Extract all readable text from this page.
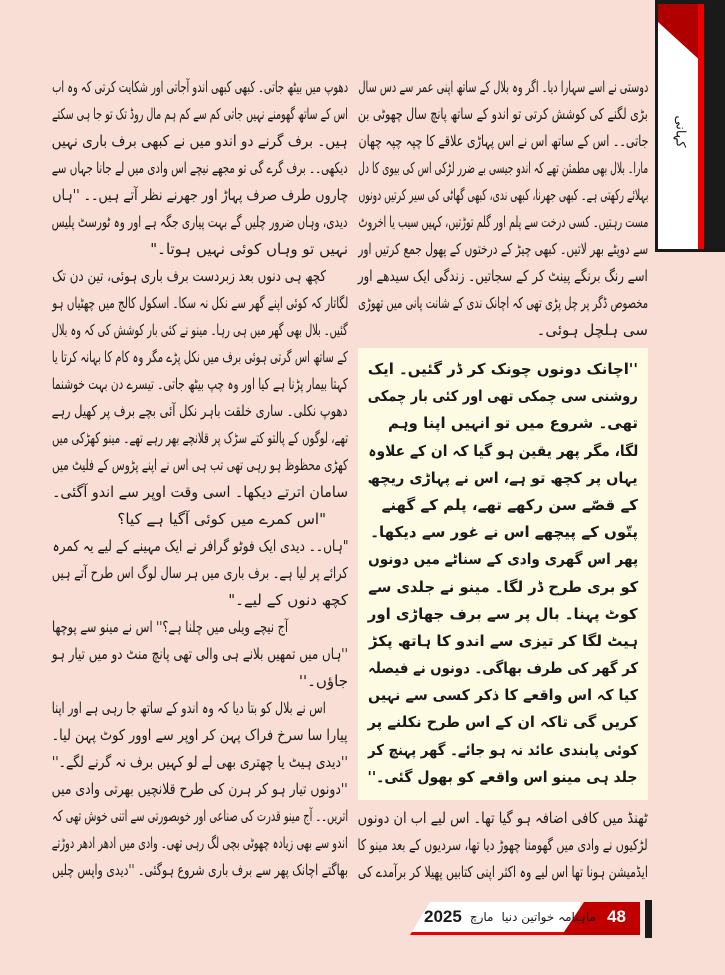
کہانی
دھوپ میں بیٹھ جاتی۔ کبھی کبھی اندو آجاتی اور شکایت کرتی کہ وہ اب
اس کے ساتھ گھومنے نہیں جاتی کم سے کم ہم مال روڈ تک تو جا ہی سکتے
ہیں۔ برف گرنے دو اندو میں نے کبھی برف باری نہیں
دیکھی۔۔ برف گرے گی تو مجھے نیچے اس وادی میں لے جانا جہاں سے
چاروں طرف صرف پہاڑ اور جھرنے نظر آتے ہیں۔۔ ''ہاں
دیدی، وہاں ضرور چلیں گے بہت پیاری جگہ ہے اور وہ ٹورسٹ پلیس
نہیں تو وہاں کوئی نہیں ہوتا۔"
کچھ ہی دنوں بعد زبردست برف باری ہوئی، تین دن تک
لگاتار کہ کوئی اپنے گھر سے نکل نہ سکا۔ اسکول کالج میں چھٹیاں ہو
گئیں۔ بلال بھی گھر میں ہی رہا۔ مینو نے کئی بار کوشش کی کہ وہ بلال
کے ساتھ اس گرتی ہوئی برف میں نکل پڑے مگر وہ کام کا بہانہ کرتا یا
کہتا بیمار پڑنا ہے کیا اور وہ چپ بیٹھ جاتی۔ تیسرے دن بہت خوشنما
دھوپ نکلی۔ ساری خلقت باہر نکل آئی بچے برف پر کھیل رہے
تھے، لوگوں کے پالتو کتے سڑک پر قلانچے بھر رہے تھے۔ مینو کھڑکی میں
کھڑی محظوظ ہو رہی تھی تب ہی اس نے اپنے پڑوس کے فلیٹ میں
سامان اترتے دیکھا۔ اسی وقت اوپر سے اندو آگئی۔
"اس کمرے میں کوئی آگیا ہے کیا؟
"ہاں۔۔ دیدی ایک فوٹو گرافر نے ایک مہینے کے لیے یہ کمرہ
کرائے پر لیا ہے۔ برف باری میں ہر سال لوگ اس طرح آتے ہیں
کچھ دنوں کے لیے۔"
آج نیچے ویلی میں چلنا ہے؟'' اس نے مینو سے پوچھا
''ہاں میں تمھیں بلانے ہی والی تھی پانچ منٹ دو میں تیار ہو
جاؤں۔''
اس نے بلال کو بتا دیا کہ وہ اندو کے ساتھ جا رہی ہے اور اپنا
پیارا سا سرخ فراک پہن کر اوپر سے اوور کوٹ پہن لیا۔
''دیدی ہیٹ یا چھتری بھی لے لو کہیں برف نہ گرنے لگے۔''
''دونوں تیار ہو کر ہرن کی طرح قلانچیں بھرتی وادی میں
اتریں۔۔ آج مینو قدرت کی صناعی اور خوبصورتی سے اتنی خوش تھی کہ
اندو سے بھی زیادہ چھوٹی بچی لگ رہی تھی۔ وادی میں ادھر ادھر دوڑتے
بھاگتے اچانک پھر سے برف باری شروع ہوگئی۔ ''دیدی واپس چلیں
دوستی نے اسے سہارا دیا۔ اگر وہ بلال کے ساتھ اپنی عمر سے دس سال
بڑی لگنے کی کوشش کرتی تو اندو کے ساتھ پانچ سال چھوٹی بن
جاتی۔۔ اس کے ساتھ اس نے اس پہاڑی علاقے کا چپہ چپہ چھان
مارا۔ بلال بھی مطمئن تھے کہ اندو جیسی بے ضرر لڑکی اس کی بیوی کا دل
بہلائے رکھتی ہے۔ کبھی جھرنا، کبھی ندی، کبھی گھاٹی کی سیر کرتیں دونوں
مست رہتیں۔ کسی درخت سے پلم اور گلم توڑتیں، کہیں سیب یا اخروٹ
سے دوپٹے بھر لاتیں۔ کبھی چیڑ کے درختوں کے پھول جمع کرتیں اور
اسے رنگ برنگے پینٹ کر کے سجاتیں۔ زندگی ایک سیدھے اور
مخصوص ڈگر پر چل پڑی تھی کہ اچانک ندی کے شانت پانی میں تھوڑی
سی ہلچل ہوئی۔
''اچانک دونوں چونک کر ڈر گئیں۔ ایک
روشنی سی چمکی تھی اور کئی بار چمکی
تھی۔ شروع میں تو انہیں اپنا وہم
لگا، مگر پھر یقین ہو گیا کہ ان کے علاوہ
یہاں پر کچھ تو ہے، اس نے پہاڑی ریچھ
کے قصّے سن رکھے تھے، پلم کے گھنے
پتّوں کے پیچھے اس نے غور سے دیکھا۔
پھر اس گھری وادی کے سناٹے میں دونوں
کو بری طرح ڈر لگا۔ مینو نے جلدی سے
کوٹ پہنا۔ بال پر سے برف جھاڑی اور
ہیٹ لگا کر تیزی سے اندو کا ہاتھ پکڑ
کر گھر کی طرف بھاگی۔ دونوں نے فیصلہ
کیا کہ اس واقعے کا ذکر کسی سے نہیں
کریں گی تاکہ ان کے اس طرح نکلنے پر
کوئی پابندی عائد نہ ہو جائے۔ گھر پہنچ کر
جلد ہی مینو اس واقعے کو بھول گئی۔''
ٹھنڈ میں کافی اضافہ ہو گیا تھا۔ اس لیے اب ان دونوں
لڑکیوں نے وادی میں گھومنا چھوڑ دیا تھا، سردیوں کے بعد مینو کا
ایڈمیشن ہونا تھا اس لیے وہ اکثر اپنی کتابیں پھیلا کر برآمدے کی
48
ماہنامہ خواتین دنیا
مارچ
2025
